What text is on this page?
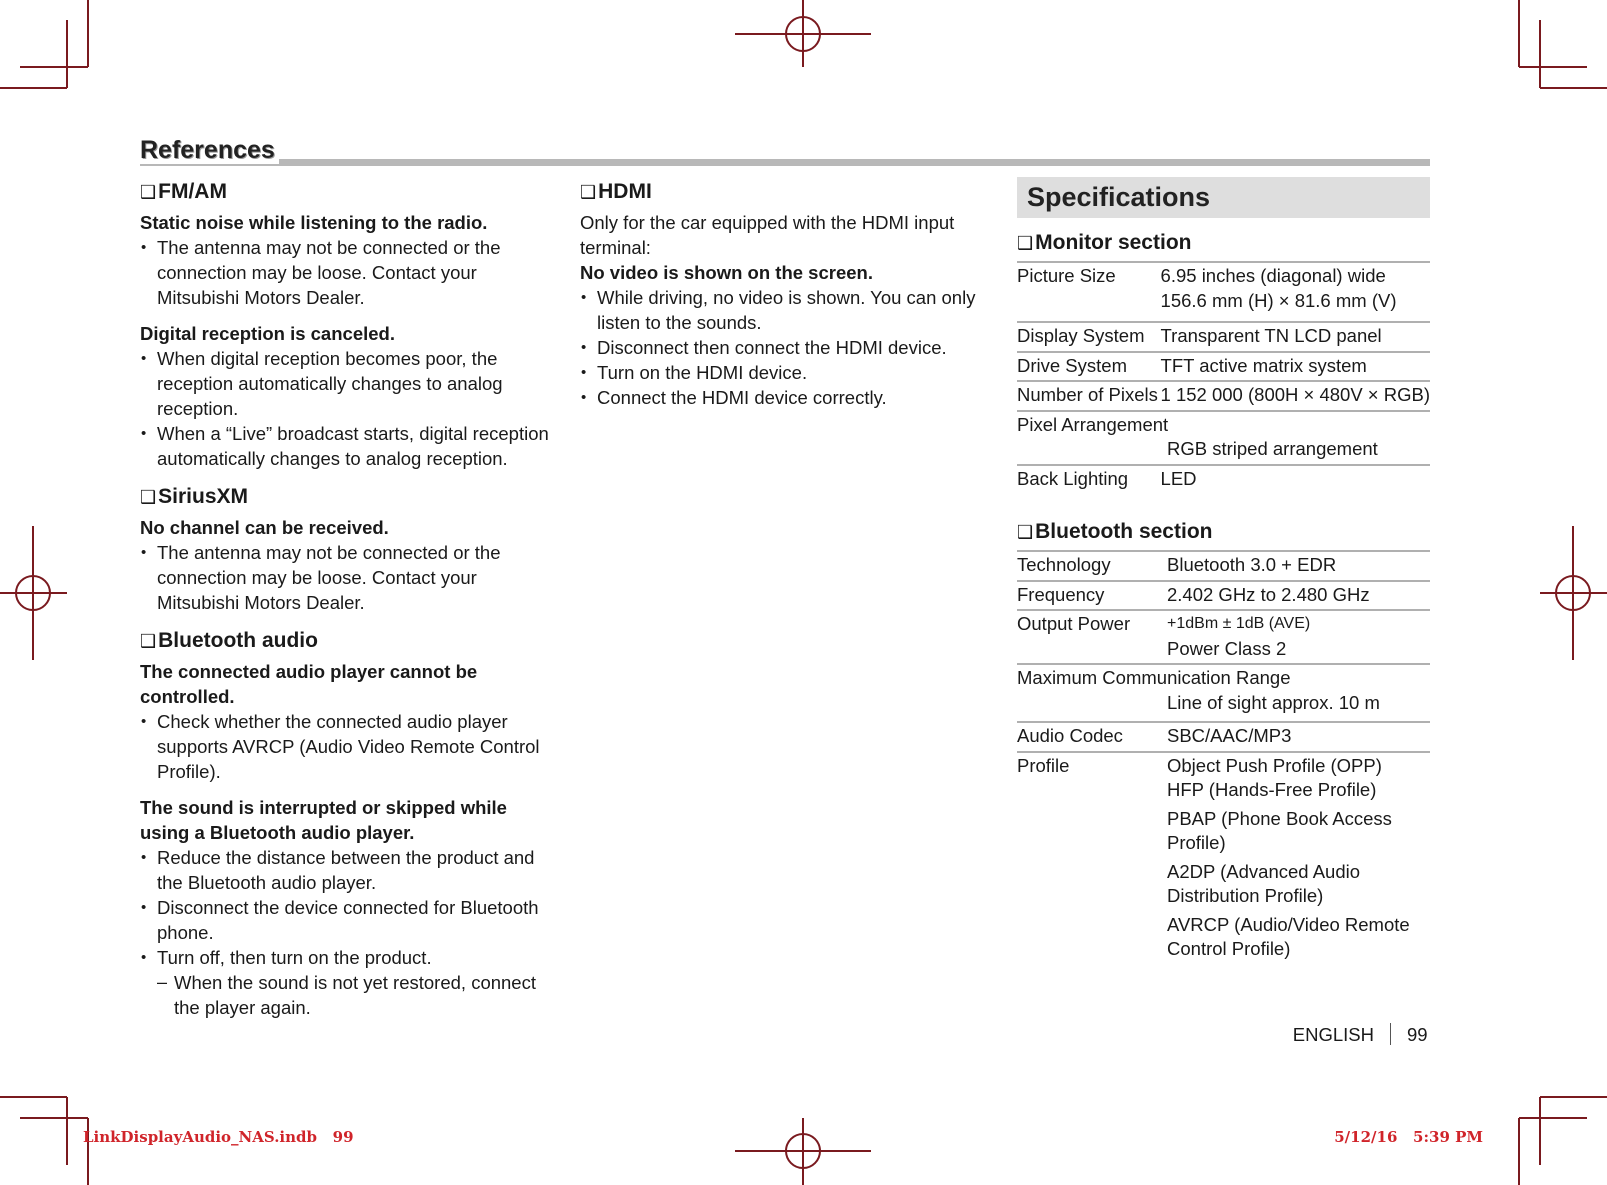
References
❑FM/AM

Static noise while listening to the radio.

• The antenna may not be connected or the connection may be loose. Contact your Mitsubishi Motors Dealer.

Digital reception is canceled.

• When digital reception becomes poor, the reception automatically changes to analog reception.
• When a “Live” broadcast starts, digital reception automatically changes to analog reception.
❑SiriusXM

No channel can be received.

• The antenna may not be connected or the connection may be loose. Contact your Mitsubishi Motors Dealer.
❑Bluetooth audio

The connected audio player cannot be controlled.

• Check whether the connected audio player supports AVRCP (Audio Video Remote Control Profile).

The sound is interrupted or skipped while using a Bluetooth audio player.

• Reduce the distance between the product and the Bluetooth audio player.
• Disconnect the device connected for Bluetooth phone.
• Turn off, then turn on the product.
– When the sound is not yet restored, connect the player again.
❑HDMI

Only for the car equipped with the HDMI input terminal:

No video is shown on the screen.

• While driving, no video is shown. You can only listen to the sounds.
• Disconnect then connect the HDMI device.
• Turn on the HDMI device.
• Connect the HDMI device correctly.
Specifications
❑Monitor section
Picture Size	6.95 inches (diagonal) wide
156.6 mm (H) × 81.6 mm (V)

Display System	Transparent TN LCD panel
Drive System	TFT active matrix system
Number of Pixels	1 152 000 (800H × 480V × RGB)

Pixel Arrangement
RGB striped arrangement	

Back Lighting	LED
❑Bluetooth section
Technology	Bluetooth 3.0 + EDR
Frequency	2.402 GHz to 2.480 GHz
Output Power	+1dBm ± 1dB (AVE)
Power Class 2

Maximum Communication Range
Line of sight approx. 10 m	

Audio Codec	SBC/AAC/MP3
Profile	Object Push Profile (OPP)
HFP (Hands-Free Profile)
PBAP (Phone Book Access Profile)
A2DP (Advanced Audio Distribution Profile)
AVRCP (Audio/Video Remote Control Profile)
ENGLISH 99
LinkDisplayAudio_NAS.indb   99	5/12/16   5:39 PM
